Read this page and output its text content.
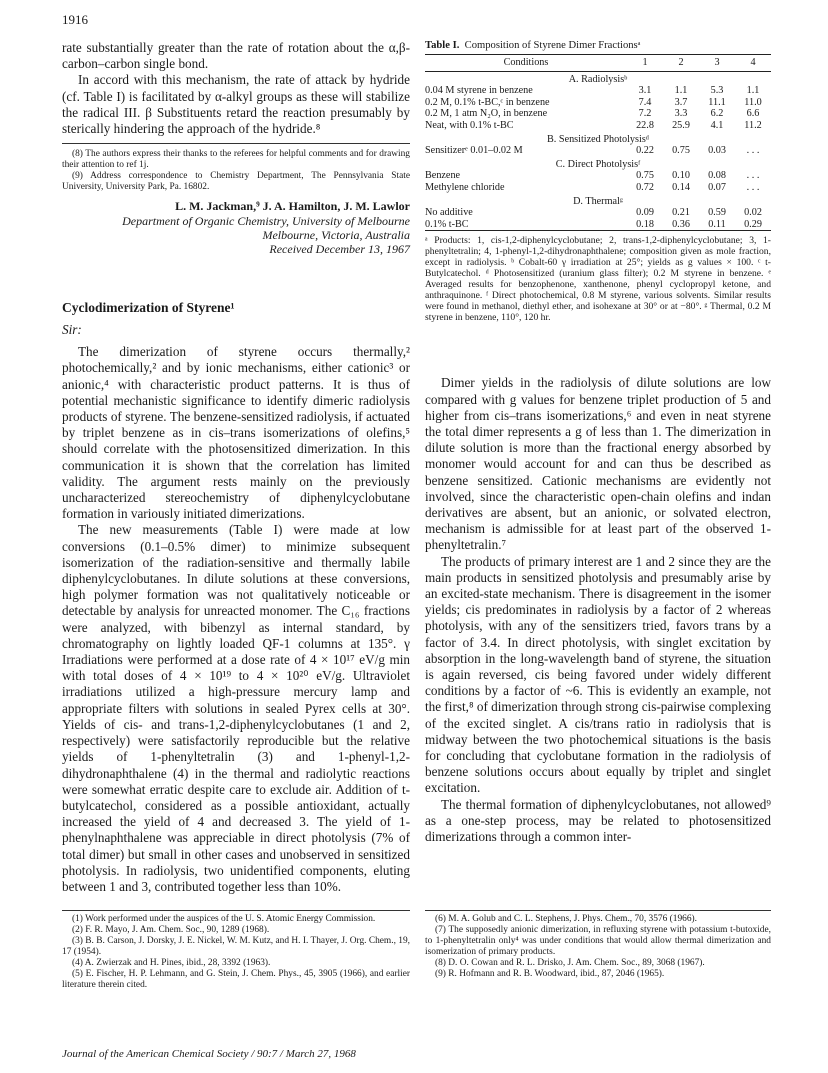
1916

rate substantially greater than the rate of rotation about the α,β-carbon–carbon single bond.

In accord with this mechanism, the rate of attack by hydride (cf. Table I) is facilitated by α-alkyl groups as these will stabilize the radical III. β Substituents retard the reaction presumably by sterically hindering the approach of the hydride.⁸

(8) The authors express their thanks to the referees for helpful comments and for drawing their attention to ref 1j.

(9) Address correspondence to Chemistry Department, The Pennsylvania State University, University Park, Pa. 16802.

L. M. Jackman,⁹ J. A. Hamilton, J. M. Lawlor
Department of Organic Chemistry, University of Melbourne
Melbourne, Victoria, Australia
Received December 13, 1967

Cyclodimerization of Styrene¹

Sir:

The dimerization of styrene occurs thermally,² photochemically,² and by ionic mechanisms, either cationic³ or anionic,⁴ with characteristic product patterns. It is thus of potential mechanistic significance to identify dimeric radiolysis products of styrene. The benzene-sensitized radiolysis, if actuated by triplet benzene as in cis–trans isomerizations of olefins,⁵ should correlate with the photosensitized dimerization. In this communication it is shown that the correlation has limited validity. The argument rests mainly on the previously uncharacterized stereochemistry of diphenylcyclobutane formation in variously initiated dimerizations.

The new measurements (Table I) were made at low conversions (0.1–0.5% dimer) to minimize subsequent isomerization of the radiation-sensitive and thermally labile diphenylcyclobutanes. In dilute solutions at these conversions, high polymer formation was not qualitatively noticeable or detectable by analysis for unreacted monomer. The C₁₆ fractions were analyzed, with bibenzyl as internal standard, by chromatography on lightly loaded QF-1 columns at 135°. γ Irradiations were performed at a dose rate of 4 × 10¹⁷ eV/g min with total doses of 4 × 10¹⁹ to 4 × 10²⁰ eV/g. Ultraviolet irradiations utilized a high-pressure mercury lamp and appropriate filters with solutions in sealed Pyrex cells at 30°. Yields of cis- and trans-1,2-diphenylcyclobutanes (1 and 2, respectively) were satisfactorily reproducible but the relative yields of 1-phenyltetralin (3) and 1-phenyl-1,2-dihydronaphthalene (4) in the thermal and radiolytic reactions were somewhat erratic despite care to exclude air. Addition of t-butylcatechol, considered as a possible antioxidant, actually increased the yield of 4 and decreased 3. The yield of 1-phenylnaphthalene was appreciable in direct photolysis (7% of total dimer) but small in other cases and unobserved in sensitized photolysis. In radiolysis, two unidentified components, eluting between 1 and 3, contributed together less than 10%.

Table I. Composition of Styrene Dimer Fractionsᵃ

Conditions	1	2	3	4
A. Radiolysisᵇ				
0.04 M styrene in benzene	3.1	1.1	5.3	1.1
0.2 M, 0.1% t-BC,ᶜ in benzene	7.4	3.7	11.1	11.0
0.2 M, 1 atm N₂O, in benzene	7.2	3.3	6.2	6.6
Neat, with 0.1% t-BC	22.8	25.9	4.1	11.2
B. Sensitized Photolysisᵈ				
Sensitizerᵉ 0.01–0.02 M	0.22	0.75	0.03	. . .
C. Direct Photolysisᶠ				
Benzene	0.75	0.10	0.08	. . .
Methylene chloride	0.72	0.14	0.07	. . .
D. Thermalᵍ				
No additive	0.09	0.21	0.59	0.02
0.1% t-BC	0.18	0.36	0.11	0.29

ᵃ Products: 1, cis-1,2-diphenylcyclobutane; 2, trans-1,2-diphenylcyclobutane; 3, 1-phenyltetralin; 4, 1-phenyl-1,2-dihydronaphthalene; composition given as mole fraction, except in radiolysis. ᵇ Cobalt-60 γ irradiation at 25°; yields as g values × 100. ᶜ t-Butylcatechol. ᵈ Photosensitized (uranium glass filter); 0.2 M styrene in benzene. ᵉ Averaged results for benzophenone, xanthenone, phenyl cyclopropyl ketone, and anthraquinone. ᶠ Direct photochemical, 0.8 M styrene, various solvents. Similar results were found in methanol, diethyl ether, and isohexane at 30° or at −80°. ᵍ Thermal, 0.2 M styrene in benzene, 110°, 120 hr.

Dimer yields in the radiolysis of dilute solutions are low compared with g values for benzene triplet production of 5 and higher from cis–trans isomerizations,⁶ and even in neat styrene the total dimer represents a g of less than 1. The dimerization in dilute solution is more than the fractional energy absorbed by monomer would account for and can thus be described as benzene sensitized. Cationic mechanisms are evidently not involved, since the characteristic open-chain olefins and indan derivatives are absent, but an anionic, or solvated electron, mechanism is admissible for at least part of the observed 1-phenyltetralin.⁷

The products of primary interest are 1 and 2 since they are the main products in sensitized photolysis and presumably arise by an excited-state mechanism. There is disagreement in the isomer yields; cis predominates in radiolysis by a factor of 2 whereas photolysis, with any of the sensitizers tried, favors trans by a factor of 3.4. In direct photolysis, with singlet excitation by absorption in the long-wavelength band of styrene, the situation is again reversed, cis being favored under widely different conditions by a factor of ~6. This is evidently an example, not the first,⁸ of dimerization through strong cis-pairwise complexing of the excited singlet. A cis/trans ratio in radiolysis that is midway between the two photochemical situations is the basis for concluding that cyclobutane formation in the radiolysis of benzene solutions occurs about equally by triplet and singlet excitation.

The thermal formation of diphenylcyclobutanes, not allowed⁹ as a one-step process, may be related to photosensitized dimerizations through a common inter-

(1) Work performed under the auspices of the U. S. Atomic Energy Commission.

(2) F. R. Mayo, J. Am. Chem. Soc., 90, 1289 (1968).

(3) B. B. Carson, J. Dorsky, J. E. Nickel, W. M. Kutz, and H. I. Thayer, J. Org. Chem., 19, 17 (1954).

(4) A. Zwierzak and H. Pines, ibid., 28, 3392 (1963).

(5) E. Fischer, H. P. Lehmann, and G. Stein, J. Chem. Phys., 45, 3905 (1966), and earlier literature therein cited.

(6) M. A. Golub and C. L. Stephens, J. Phys. Chem., 70, 3576 (1966).

(7) The supposedly anionic dimerization, in refluxing styrene with potassium t-butoxide, to 1-phenyltetralin only⁴ was under conditions that would allow thermal dimerization and isomerization of primary products.

(8) D. O. Cowan and R. L. Drisko, J. Am. Chem. Soc., 89, 3068 (1967).

(9) R. Hofmann and R. B. Woodward, ibid., 87, 2046 (1965).

Journal of the American Chemical Society / 90:7 / March 27, 1968
